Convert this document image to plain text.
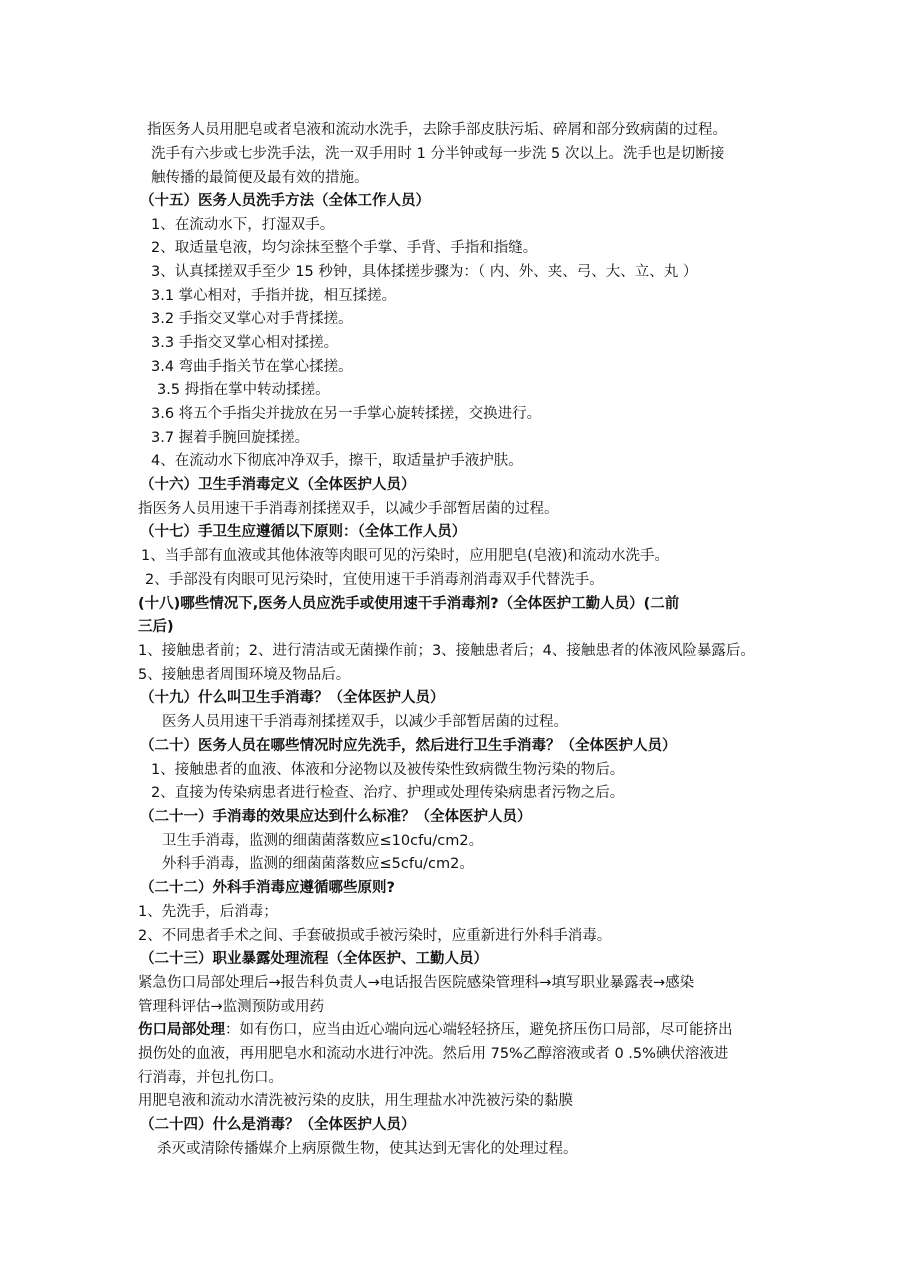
指医务人员用肥皂或者皂液和流动水洗手，去除手部皮肤污垢、碎屑和部分致病菌的过程。
洗手有六步或七步洗手法，洗一双手用时 1 分半钟或每一步洗 5 次以上。洗手也是切断接
触传播的最简便及最有效的措施。
（十五）医务人员洗手方法（全体工作人员）
1、在流动水下，打湿双手。
2、取适量皂液，均匀涂抹至整个手掌、手背、手指和指缝。
3、认真揉搓双手至少 15 秒钟，具体揉搓步骤为：（ 内、外、夹、弓、大、立、丸 ）
3.1 掌心相对，手指并拢，相互揉搓。
3.2 手指交叉掌心对手背揉搓。
3.3 手指交叉掌心相对揉搓。
3.4 弯曲手指关节在掌心揉搓。
3.5 拇指在掌中转动揉搓。
3.6 将五个手指尖并拢放在另一手掌心旋转揉搓，交换进行。
3.7 握着手腕回旋揉搓。
4、在流动水下彻底冲净双手，擦干，取适量护手液护肤。
（十六）卫生手消毒定义（全体医护人员）
指医务人员用速干手消毒剂揉搓双手，以减少手部暂居菌的过程。
（十七）手卫生应遵循以下原则：（全体工作人员）
1、当手部有血液或其他体液等肉眼可见的污染时，应用肥皂(皂液)和流动水洗手。
2、手部没有肉眼可见污染时，宜使用速干手消毒剂消毒双手代替洗手。
(十八)哪些情况下,医务人员应洗手或使用速干手消毒剂?（全体医护工勤人员）(二前
三后)
1、接触患者前；2、进行清洁或无菌操作前；3、接触患者后；4、接触患者的体液风险暴露后。
5、接触患者周围环境及物品后。
（十九）什么叫卫生手消毒？（全体医护人员）
医务人员用速干手消毒剂揉搓双手，以减少手部暂居菌的过程。
（二十）医务人员在哪些情况时应先洗手，然后进行卫生手消毒？（全体医护人员）
1、接触患者的血液、体液和分泌物以及被传染性致病微生物污染的物后。
2、直接为传染病患者进行检查、治疗、护理或处理传染病患者污物之后。
（二十一）手消毒的效果应达到什么标准？（全体医护人员）
卫生手消毒，监测的细菌菌落数应≤10cfu/cm2。
外科手消毒，监测的细菌菌落数应≤5cfu/cm2。
（二十二）外科手消毒应遵循哪些原则?
1、先洗手，后消毒；
2、不同患者手术之间、手套破损或手被污染时，应重新进行外科手消毒。
（二十三）职业暴露处理流程（全体医护、工勤人员）
紧急伤口局部处理后→报告科负责人→电话报告医院感染管理科→填写职业暴露表→感染
管理科评估→监测预防或用药
伤口局部处理：如有伤口，应当由近心端向远心端轻轻挤压，避免挤压伤口局部，尽可能挤出
损伤处的血液，再用肥皂水和流动水进行冲洗。然后用 75%乙醇溶液或者 0 .5%碘伏溶液进
行消毒，并包扎伤口。
用肥皂液和流动水清洗被污染的皮肤，用生理盐水冲洗被污染的黏膜
（二十四）什么是消毒？（全体医护人员）
杀灭或清除传播媒介上病原微生物，使其达到无害化的处理过程。
